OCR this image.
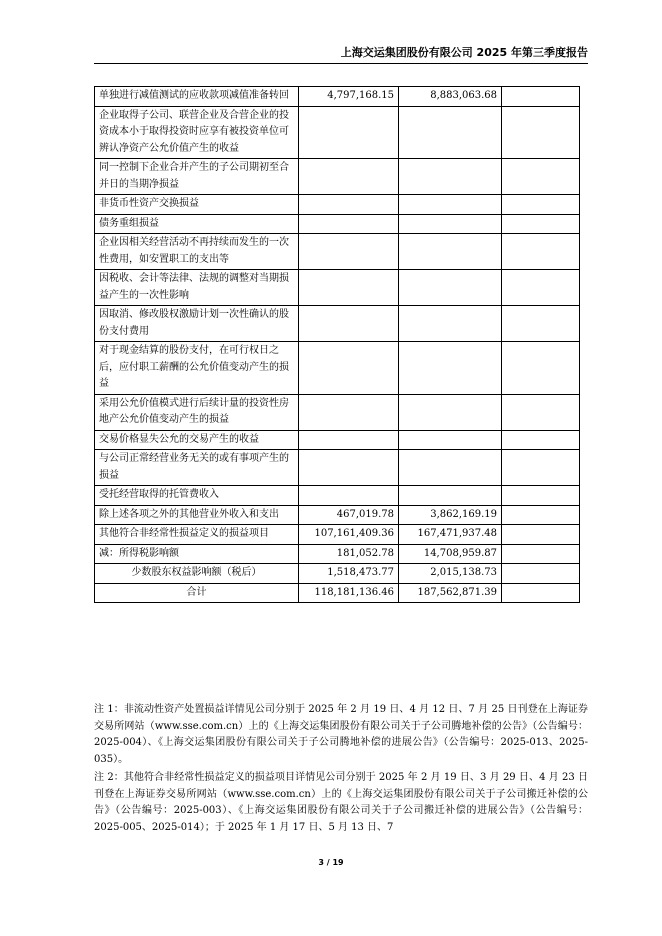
上海交运集团股份有限公司 2025 年第三季度报告
单独进行减值测试的应收款项减值准备转回	4,797,168.15	8,883,063.68	
企业取得子公司、联营企业及合营企业的投资成本小于取得投资时应享有被投资单位可辨认净资产公允价值产生的收益			
同一控制下企业合并产生的子公司期初至合并日的当期净损益			
非货币性资产交换损益			
债务重组损益			
企业因相关经营活动不再持续而发生的一次性费用，如安置职工的支出等			
因税收、会计等法律、法规的调整对当期损益产生的一次性影响			
因取消、修改股权激励计划一次性确认的股份支付费用			
对于现金结算的股份支付，在可行权日之后，应付职工薪酬的公允价值变动产生的损益			
采用公允价值模式进行后续计量的投资性房地产公允价值变动产生的损益			
交易价格显失公允的交易产生的收益			
与公司正常经营业务无关的或有事项产生的损益			
受托经营取得的托管费收入			
除上述各项之外的其他营业外收入和支出	467,019.78	3,862,169.19	
其他符合非经常性损益定义的损益项目	107,161,409.36	167,471,937.48	
减：所得税影响额	181,052.78	14,708,959.87	
少数股东权益影响额（税后）	1,518,473.77	2,015,138.73	
合计	118,181,136.46	187,562,871.39	

注 1：非流动性资产处置损益详情见公司分别于 2025 年 2 月 19 日、4 月 12 日、7 月 25 日刊登在上海证券交易所网站（www.sse.com.cn）上的《上海交运集团股份有限公司关于子公司腾地补偿的公告》（公告编号：2025-004）、《上海交运集团股份有限公司关于子公司腾地补偿的进展公告》（公告编号：2025-013、2025-035）。

注 2：其他符合非经常性损益定义的损益项目详情见公司分别于 2025 年 2 月 19 日、3 月 29 日、4 月 23 日刊登在上海证券交易所网站（www.sse.com.cn）上的《上海交运集团股份有限公司关于子公司搬迁补偿的公告》（公告编号：2025-003）、《上海交运集团股份有限公司关于子公司搬迁补偿的进展公告》（公告编号：2025-005、2025-014）；于 2025 年 1 月 17 日、5 月 13 日、7

3 / 19
